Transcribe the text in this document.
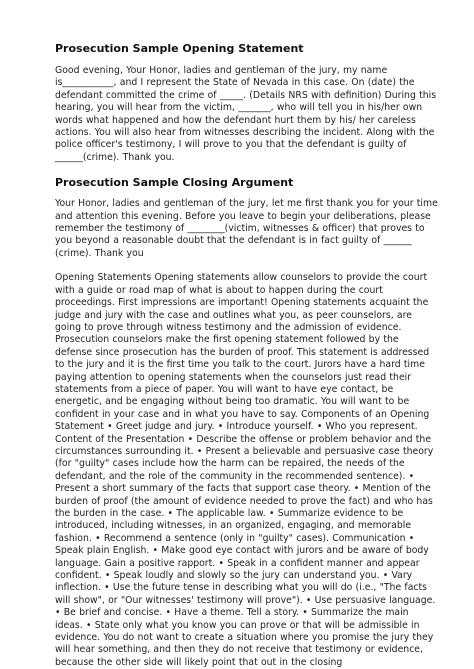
Prosecution Sample Opening Statement

Good evening, Your Honor, ladies and gentleman of the jury, my name is___________, and I represent the State of Nevada in this case. On (date) the defendant committed the crime of _____. (Details NRS with definition) During this hearing, you will hear from the victim, _______, who will tell you in his/her own words what happened and how the defendant hurt them by his/ her careless actions. You will also hear from witnesses describing the incident. Along with the police officer's testimony, I will prove to you that the defendant is guilty of ______(crime). Thank you.

Prosecution Sample Closing Argument

Your Honor, ladies and gentleman of the jury, let me first thank you for your time and attention this evening. Before you leave to begin your deliberations, please remember the testimony of ________(victim, witnesses & officer) that proves to you beyond a reasonable doubt that the defendant is in fact guilty of ______ (crime). Thank you

Opening Statements Opening statements allow counselors to provide the court with a guide or road map of what is about to happen during the court proceedings. First impressions are important! Opening statements acquaint the judge and jury with the case and outlines what you, as peer counselors, are going to prove through witness testimony and the admission of evidence. Prosecution counselors make the first opening statement followed by the defense since prosecution has the burden of proof. This statement is addressed to the jury and it is the first time you talk to the court. Jurors have a hard time paying attention to opening statements when the counselors just read their statements from a piece of paper. You will want to have eye contact, be energetic, and be engaging without being too dramatic. You will want to be confident in your case and in what you have to say. Components of an Opening Statement • Greet judge and jury. • Introduce yourself. • Who you represent. Content of the Presentation • Describe the offense or problem behavior and the circumstances surrounding it. • Present a believable and persuasive case theory (for "guilty" cases include how the harm can be repaired, the needs of the defendant, and the role of the community in the recommended sentence). • Present a short summary of the facts that support case theory. • Mention of the burden of proof (the amount of evidence needed to prove the fact) and who has the burden in the case. • The applicable law. • Summarize evidence to be introduced, including witnesses, in an organized, engaging, and memorable fashion. • Recommend a sentence (only in "guilty" cases). Communication • Speak plain English. • Make good eye contact with jurors and be aware of body language. Gain a positive rapport. • Speak in a confident manner and appear confident. • Speak loudly and slowly so the jury can understand you. • Vary inflection. • Use the future tense in describing what you will do (i.e., "The facts will show", or "Our witnesses' testimony will prove"). • Use persuasive language. • Be brief and concise. • Have a theme. Tell a story. • Summarize the main ideas. • State only what you know you can prove or that will be admissible in evidence. You do not want to create a situation where you promise the jury they will hear something, and then they do not receive that testimony or evidence, because the other side will likely point that out in the closing
